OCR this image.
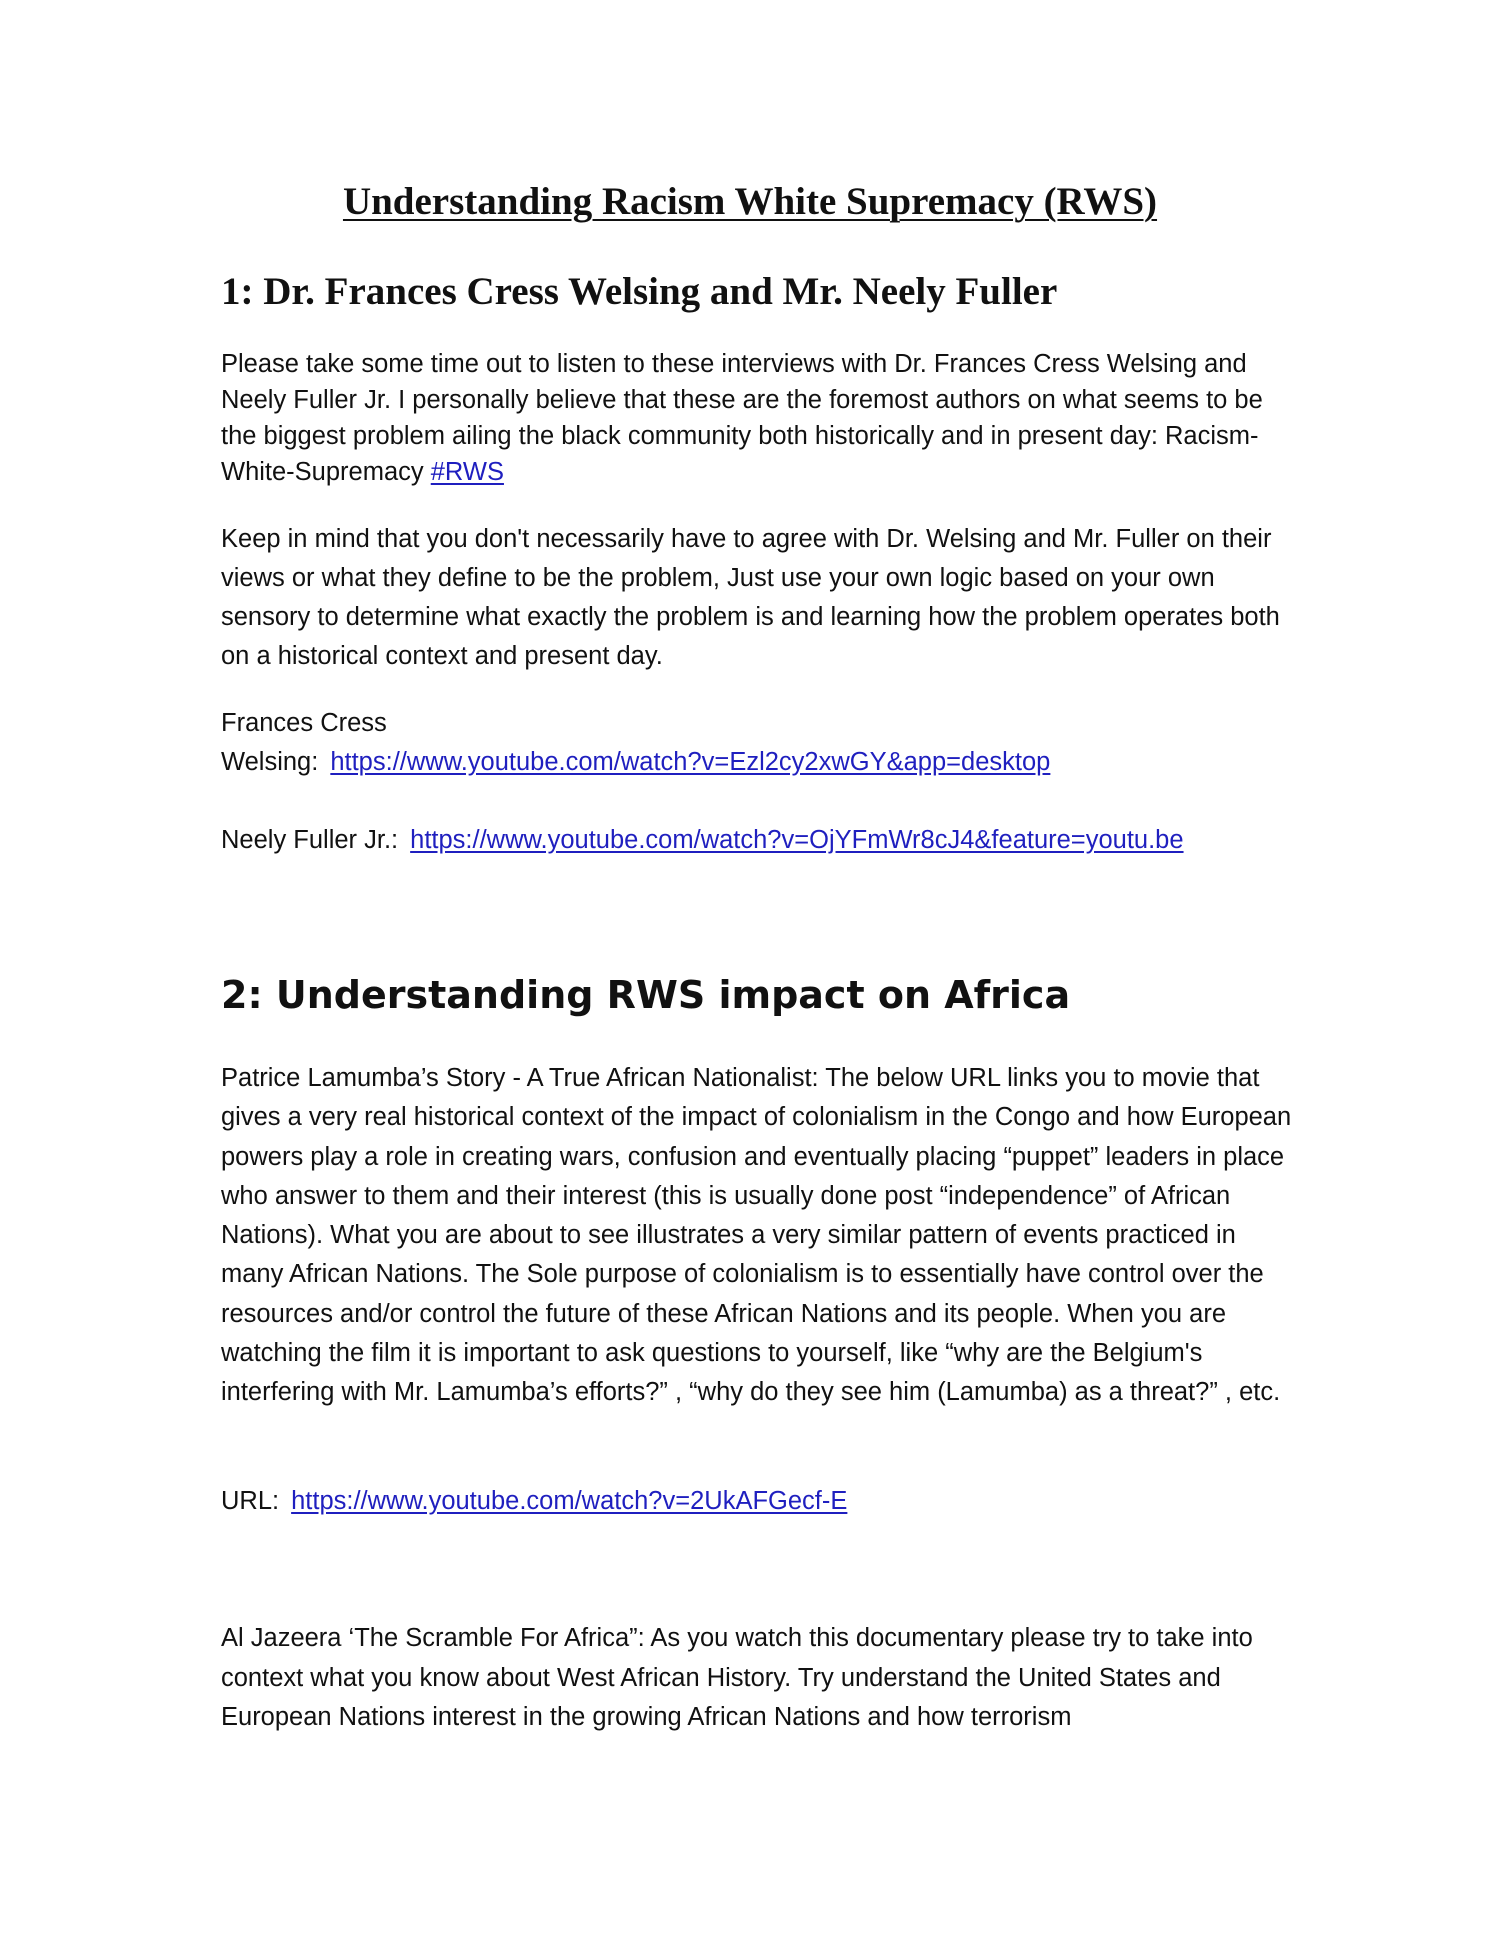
Understanding Racism White Supremacy (RWS)
1: Dr. Frances Cress Welsing and Mr. Neely Fuller

Please take some time out to listen to these interviews with Dr. Frances Cress Welsing and Neely Fuller Jr. I personally believe that these are the foremost authors on what seems to be the biggest problem ailing the black community both historically and in present day: Racism-White-Supremacy #RWS

Keep in mind that you don't necessarily have to agree with Dr. Welsing and Mr. Fuller on their views or what they define to be the problem, Just use your own logic based on your own sensory to determine what exactly the problem is and learning how the problem operates both on a historical context and present day.

Frances Cress
Welsing: https://www.youtube.com/watch?v=Ezl2cy2xwGY&app=desktop

Neely Fuller Jr.: https://www.youtube.com/watch?v=OjYFmWr8cJ4&feature=youtu.be

2: Understanding RWS impact on Africa

Patrice Lamumba’s Story - A True African Nationalist: The below URL links you to movie that gives a very real historical context of the impact of colonialism in the Congo and how European powers play a role in creating wars, confusion and eventually placing “puppet” leaders in place who answer to them and their interest (this is usually done post “independence” of African Nations). What you are about to see illustrates a very similar pattern of events practiced in many African Nations. The Sole purpose of colonialism is to essentially have control over the resources and/or control the future of these African Nations and its people. When you are watching the film it is important to ask questions to yourself, like “why are the Belgium's interfering with Mr. Lamumba’s efforts?” , “why do they see him (Lamumba) as a threat?” , etc.

URL: https://www.youtube.com/watch?v=2UkAFGecf-E

Al Jazeera ‘The Scramble For Africa”: As you watch this documentary please try to take into context what you know about West African History. Try understand the United States and European Nations interest in the growing African Nations and how terrorism
